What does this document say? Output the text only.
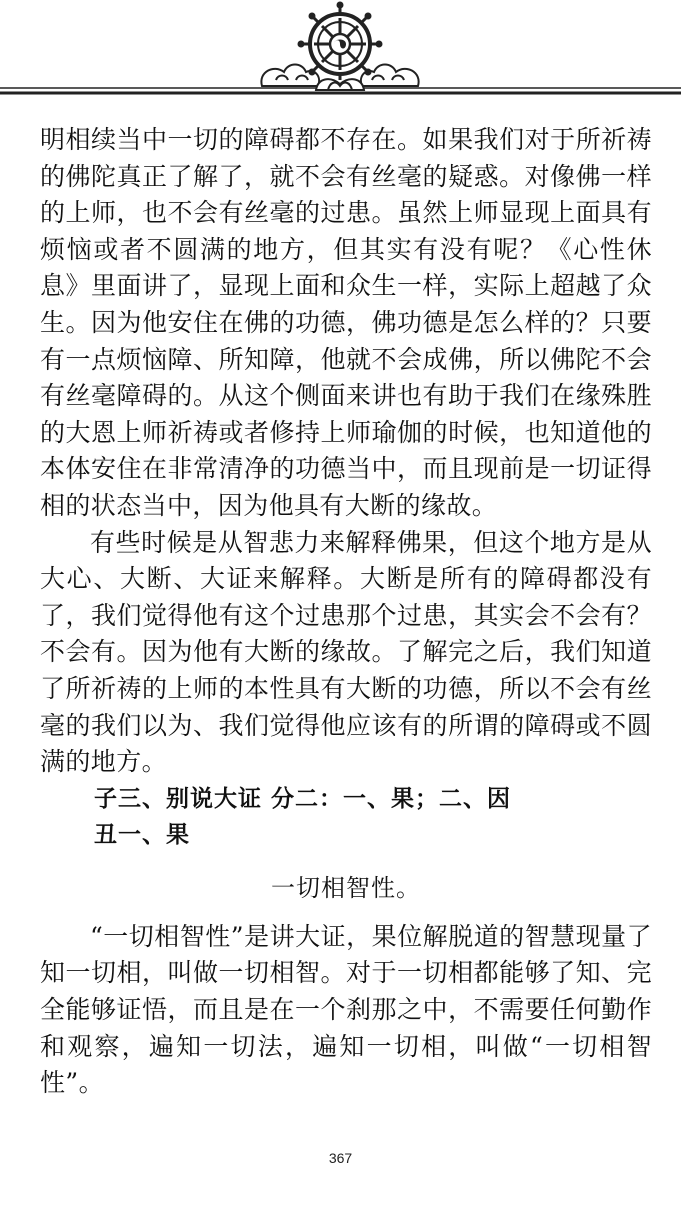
明相续当中一切的障碍都不存在。如果我们对于所祈祷的佛陀真正了解了，就不会有丝毫的疑惑。对像佛一样的上师，也不会有丝毫的过患。虽然上师显现上面具有烦恼或者不圆满的地方，但其实有没有呢？《心性休息》里面讲了，显现上面和众生一样，实际上超越了众生。因为他安住在佛的功德，佛功德是怎么样的？只要有一点烦恼障、所知障，他就不会成佛，所以佛陀不会有丝毫障碍的。从这个侧面来讲也有助于我们在缘殊胜的大恩上师祈祷或者修持上师瑜伽的时候，也知道他的本体安住在非常清净的功德当中，而且现前是一切证得相的状态当中，因为他具有大断的缘故。

有些时候是从智悲力来解释佛果，但这个地方是从大心、大断、大证来解释。大断是所有的障碍都没有了，我们觉得他有这个过患那个过患，其实会不会有？不会有。因为他有大断的缘故。了解完之后，我们知道了所祈祷的上师的本性具有大断的功德，所以不会有丝毫的我们以为、我们觉得他应该有的所谓的障碍或不圆满的地方。

子三、别说大证 分二：一、果；二、因

丑一、果

一切相智性。

“一切相智性”是讲大证，果位解脱道的智慧现量了知一切相，叫做一切相智。对于一切相都能够了知、完全能够证悟，而且是在一个刹那之中，不需要任何勤作和观察，遍知一切法，遍知一切相，叫做“一切相智性”。

367
